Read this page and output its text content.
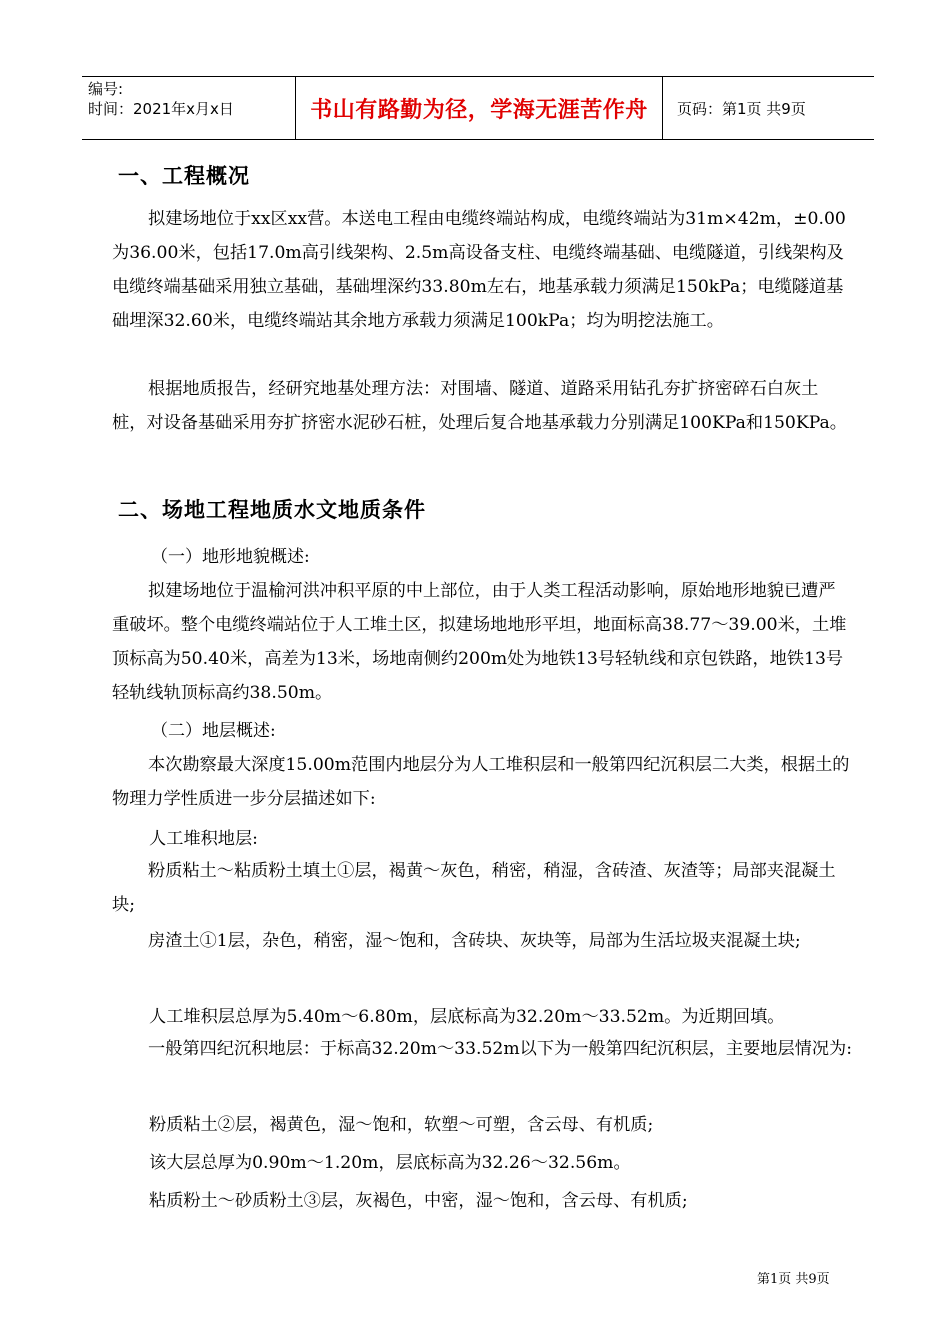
编号:
时间：2021年x月x日	书山有路勤为径，学海无涯苦作舟	页码：第1页 共9页
一、工程概况

拟建场地位于xx区xx营。本送电工程由电缆终端站构成，电缆终端站为31m×42m，±0.00为36.00米，包括17.0m高引线架构、2.5m高设备支柱、电缆终端基础、电缆隧道，引线架构及电缆终端基础采用独立基础，基础埋深约33.80m左右，地基承载力须满足150kPa；电缆隧道基础埋深32.60米，电缆终端站其余地方承载力须满足100kPa；均为明挖法施工。

根据地质报告，经研究地基处理方法：对围墙、隧道、道路采用钻孔夯扩挤密碎石白灰土桩，对设备基础采用夯扩挤密水泥砂石桩，处理后复合地基承载力分别满足100KPa和150KPa。

二、场地工程地质水文地质条件
（一）地形地貌概述:

拟建场地位于温榆河洪冲积平原的中上部位，由于人类工程活动影响，原始地形地貌已遭严重破坏。整个电缆终端站位于人工堆土区，拟建场地地形平坦，地面标高38.77～39.00米，土堆顶标高为50.40米，高差为13米，场地南侧约200m处为地铁13号轻轨线和京包铁路，地铁13号轻轨线轨顶标高约38.50m。

（二）地层概述:

本次勘察最大深度15.00m范围内地层分为人工堆积层和一般第四纪沉积层二大类，根据土的物理力学性质进一步分层描述如下:

人工堆积地层:

粉质粘土～粘质粉土填土①层，褐黄～灰色，稍密，稍湿，含砖渣、灰渣等；局部夹混凝土块;

房渣土①1层，杂色，稍密，湿～饱和，含砖块、灰块等，局部为生活垃圾夹混凝土块;

人工堆积层总厚为5.40m～6.80m，层底标高为32.20m～33.52m。为近期回填。

一般第四纪沉积地层：于标高32.20m～33.52m以下为一般第四纪沉积层，主要地层情况为:

粉质粘土②层，褐黄色，湿～饱和，软塑～可塑，含云母、有机质;
该大层总厚为0.90m～1.20m，层底标高为32.26～32.56m。
粘质粉土～砂质粉土③层，灰褐色，中密，湿～饱和，含云母、有机质;
第1页 共9页
